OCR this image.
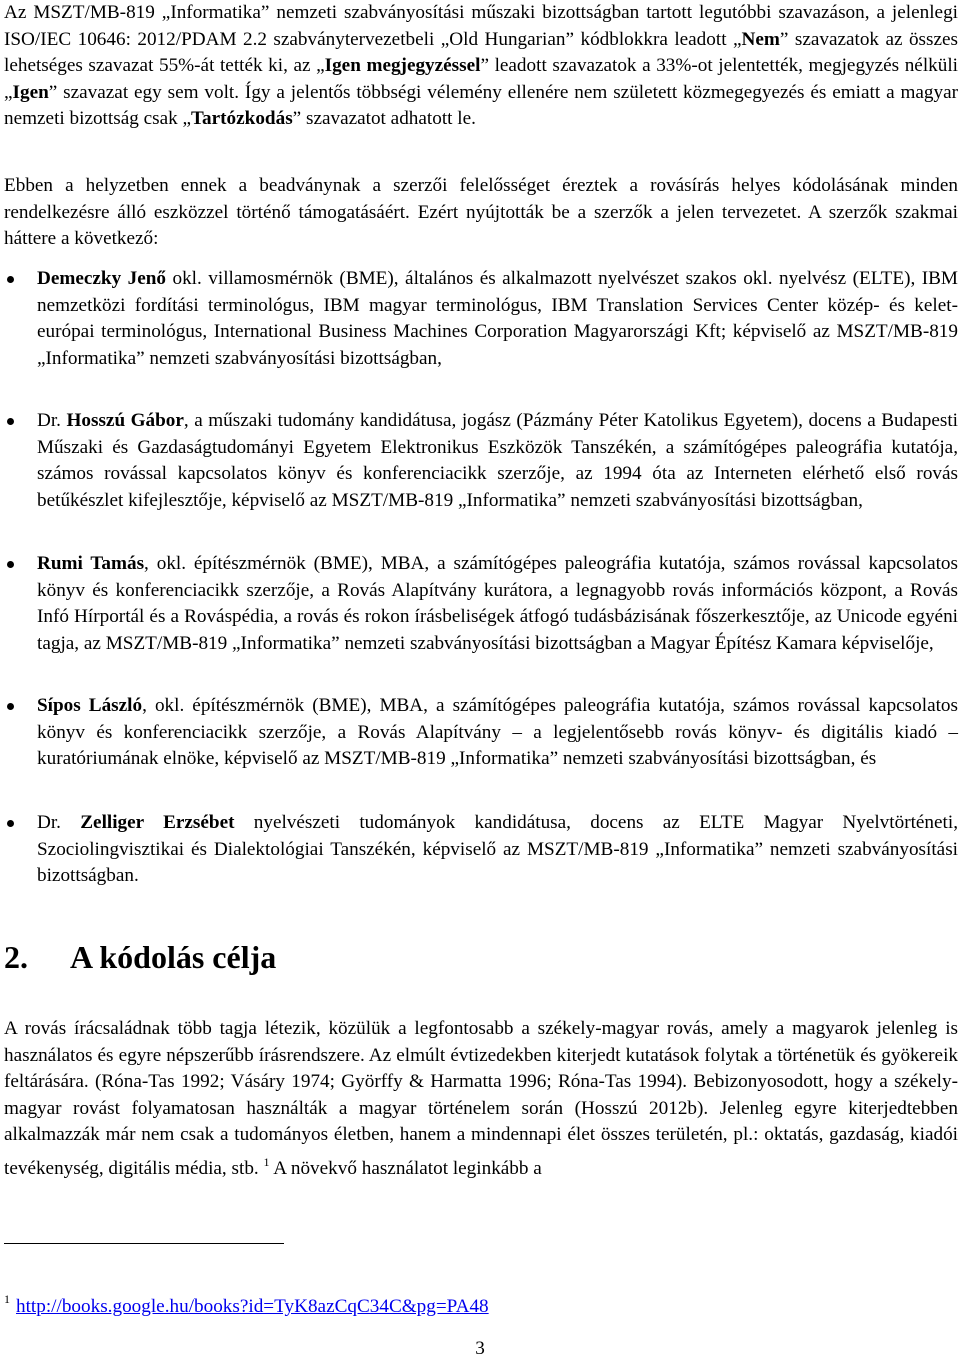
Az MSZT/MB-819 „Informatika” nemzeti szabványosítási műszaki bizottságban tartott legutóbbi szavazáson, a jelenlegi ISO/IEC 10646: 2012/PDAM 2.2 szabványtervezetbeli „Old Hungarian” kódblokkra leadott „Nem” szavazatok az összes lehetséges szavazat 55%-át tették ki, az „Igen megjegyzéssel” leadott szavazatok a 33%-ot jelentették, megjegyzés nélküli „Igen” szavazat egy sem volt. Így a jelentős többségi vélemény ellenére nem született közmegegyezés és emiatt a magyar nemzeti bizottság csak „Tartózkodás” szavazatot adhatott le.

Ebben a helyzetben ennek a beadványnak a szerzői felelősséget éreztek a rovásírás helyes kódolásának minden rendelkezésre álló eszközzel történő támogatásáért. Ezért nyújtották be a szerzők a jelen tervezetet. A szerzők szakmai háttere a következő:

Demeczky Jenő okl. villamosmérnök (BME), általános és alkalmazott nyelvészet szakos okl. nyelvész (ELTE), IBM nemzetközi fordítási terminológus, IBM magyar terminológus, IBM Translation Services Center közép- és kelet-európai terminológus, International Business Machines Corporation Magyarországi Kft; képviselő az MSZT/MB-819 „Informatika” nemzeti szabványosítási bizottságban,
Dr. Hosszú Gábor, a műszaki tudomány kandidátusa, jogász (Pázmány Péter Katolikus Egyetem), docens a Budapesti Műszaki és Gazdaságtudományi Egyetem Elektronikus Eszközök Tanszékén, a számítógépes paleográfia kutatója, számos rovással kapcsolatos könyv és konferenciacikk szerzője, az 1994 óta az Interneten elérhető első rovás betűkészlet kifejlesztője, képviselő az MSZT/MB-819 „Informatika” nemzeti szabványosítási bizottságban,
Rumi Tamás, okl. építészmérnök (BME), MBA, a számítógépes paleográfia kutatója, számos rovással kapcsolatos könyv és konferenciacikk szerzője, a Rovás Alapítvány kurátora, a legnagyobb rovás információs központ, a Rovás Infó Hírportál és a Rováspédia, a rovás és rokon írásbeliségek átfogó tudásbázisának főszerkesztője, az Unicode egyéni tagja, az MSZT/MB-819 „Informatika” nemzeti szabványosítási bizottságban a Magyar Építész Kamara képviselője,
Sípos László, okl. építészmérnök (BME), MBA, a számítógépes paleográfia kutatója, számos rovással kapcsolatos könyv és konferenciacikk szerzője, a Rovás Alapítvány – a legjelentősebb rovás könyv- és digitális kiadó – kuratóriumának elnöke, képviselő az MSZT/MB-819 „Informatika” nemzeti szabványosítási bizottságban, és
Dr. Zelliger Erzsébet nyelvészeti tudományok kandidátusa, docens az ELTE Magyar Nyelvtörténeti, Szociolingvisztikai és Dialektológiai Tanszékén, képviselő az MSZT/MB-819 „Informatika” nemzeti szabványosítási bizottságban.
2. A kódolás célja

A rovás írácsaládnak több tagja létezik, közülük a legfontosabb a székely-magyar rovás, amely a magyarok jelenleg is használatos és egyre népszerűbb írásrendszere. Az elmúlt évtizedekben kiterjedt kutatások folytak a történetük és gyökereik feltárására. (Róna-Tas 1992; Vásáry 1974; Györffy & Harmatta 1996; Róna-Tas 1994). Bebizonyosodott, hogy a székely-magyar rovást folyamatosan használták a magyar történelem során (Hosszú 2012b). Jelenleg egyre kiterjedtebben alkalmazzák már nem csak a tudományos életben, hanem a mindennapi élet összes területén, pl.: oktatás, gazdaság, kiadói tevékenység, digitális média, stb. $^1$ A növekvő használatot leginkább a

$^1$ http://books.google.hu/books?id=TyK8azCqC34C&pg=PA48
3
